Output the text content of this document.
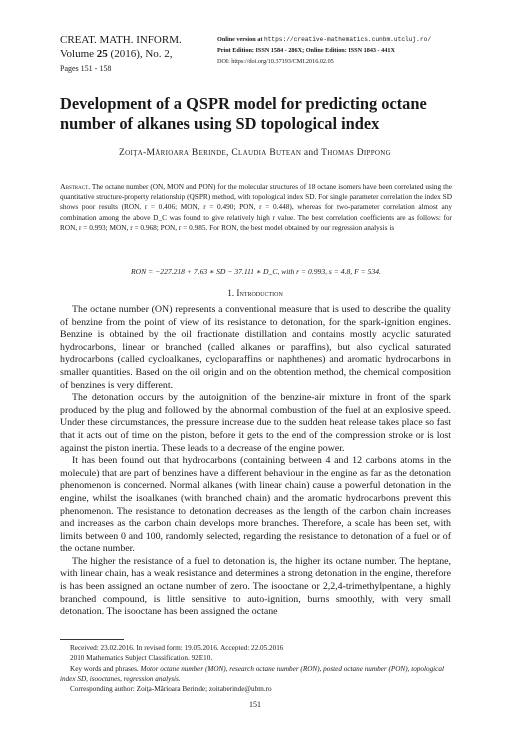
CREAT. MATH. INFORM.
Volume 25 (2016), No. 2,
Pages 151 - 158
Online version at https://creative-mathematics.cunbm.utcluj.ro/
Print Edition: ISSN 1584 - 286X; Online Edition: ISSN 1843 - 441X
DOI: https://doi.org/10.37193/CMI.2016.02.05
Development of a QSPR model for predicting octane number of alkanes using SD topological index
Zoiţa-Mărioara Berinde, Claudia Butean and Thomas Dippong
Abstract. The octane number (ON, MON and PON) for the molecular structures of 18 octane isomers have been correlated using the quantitative structure-property relationship (QSPR) method, with topological index SD. For single parameter correlation the index SD shows poor results (RON, r = 0.406; MON, r = 0.490; PON, r = 0.448), whereas for two-parameter correlation almost any combination among the above D_C was found to give relatively high r value. The best correlation coefficients are as follows: for RON, r = 0.993; MON, r = 0.968; PON, r = 0.985. For RON, the best model obtained by our regression analysis is
RON = −227.218 + 7.63 ∗ SD − 37.111 ∗ D_C, with r = 0.993, s = 4.8, F = 534.
1. Introduction

The octane number (ON) represents a conventional measure that is used to describe the quality of benzine from the point of view of its resistance to detonation, for the spark-ignition engines. Benzine is obtained by the oil fractionate distillation and contains mostly acyclic saturated hydrocarbons, linear or branched (called alkanes or paraffins), but also cyclical saturated hydrocarbons (called cycloalkanes, cycloparaffins or naphthenes) and aromatic hydrocarbons in smaller quantities. Based on the oil origin and on the obtention method, the chemical composition of benzines is very different.

The detonation occurs by the autoignition of the benzine-air mixture in front of the spark produced by the plug and followed by the abnormal combustion of the fuel at an explosive speed. Under these circumstances, the pressure increase due to the sudden heat release takes place so fast that it acts out of time on the piston, before it gets to the end of the compression stroke or is lost against the piston inertia. These leads to a decrease of the engine power.

It has been found out that hydrocarbons (containing between 4 and 12 carbons atoms in the molecule) that are part of benzines have a different behaviour in the engine as far as the detonation phenomenon is concerned. Normal alkanes (with linear chain) cause a powerful detonation in the engine, whilst the isoalkanes (with branched chain) and the aromatic hydrocarbons prevent this phenomenon. The resistance to detonation decreases as the length of the carbon chain increases and increases as the carbon chain develops more branches. Therefore, a scale has been set, with limits between 0 and 100, randomly selected, regarding the resistance to detonation of a fuel or of the octane number.

The higher the resistance of a fuel to detonation is, the higher its octane number. The heptane, with linear chain, has a weak resistance and determines a strong detonation in the engine, therefore is has been assigned an octane number of zero. The isooctane or 2,2,4-trimethylpentane, a highly branched compound, is little sensitive to auto-ignition, burns smoothly, with very small detonation. The isooctane has been assigned the octane

Received: 23.02.2016. In revised form: 19.05.2016. Accepted: 22.05.2016
2010 Mathematics Subject Classification. 92E10.
Key words and phrases. Motor octane number (MON), research octane number (RON), posted octane number (PON), topological index SD, isooctanes, regression analysis.
Corresponding author: Zoiţa-Mărioara Berinde; zoitaberinde@ubm.ro
151
